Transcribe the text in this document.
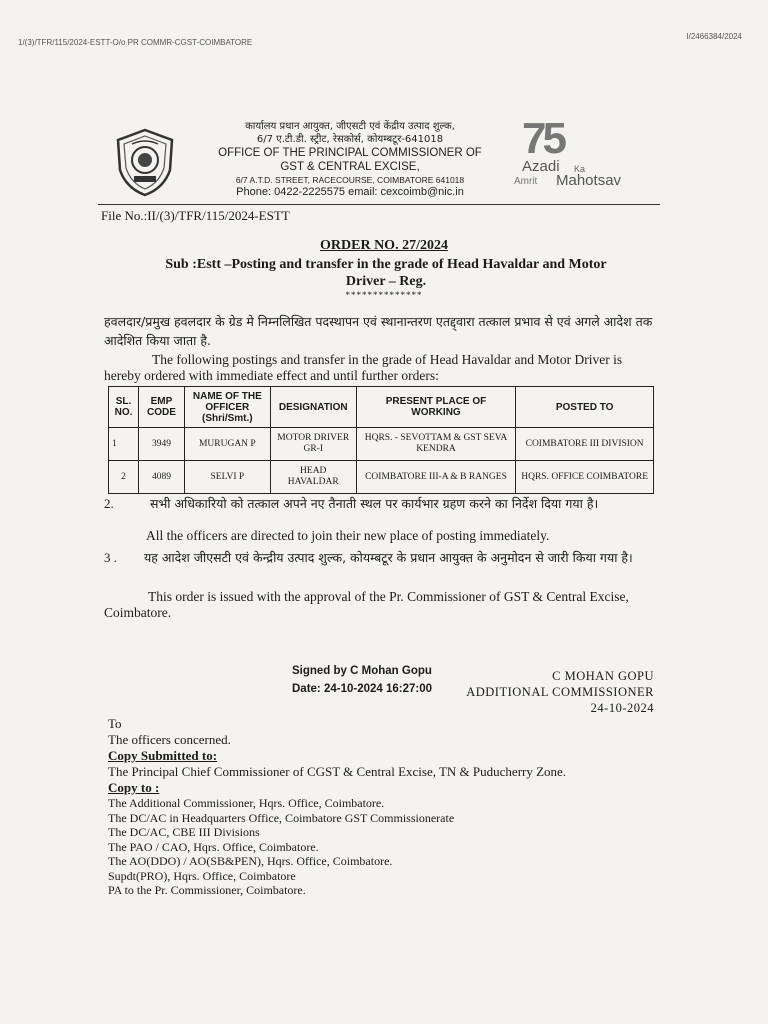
1/(3)/TFR/115/2024-ESTT-O/o PR COMMR-CGST-COIMBATORE
I/2466384/2024
कार्यालय प्रधान आयुक्त, जीएसटी एवं केंद्रीय उत्पाद शुल्क,
6/7 ए.टी.डी. स्ट्रीट, रेसकोर्स, कोयम्बटूर-641018
OFFICE OF THE PRINCIPAL COMMISSIONER OF
GST & CENTRAL EXCISE,
6/7 A.T.D. STREET, RACECOURSE, COIMBATORE 641018
Phone: 0422-2225575 email: cexcoimb@nic.in
75
Azadi Ka
Amrit Mahotsav
File No.:II/(3)/TFR/115/2024-ESTT
ORDER NO. 27/2024
Sub :Estt –Posting and transfer in the grade of Head Havaldar and Motor
Driver – Reg.
**************
हवलदार/प्रमुख हवलदार के ग्रेड मे निम्नलिखित पदस्थापन एवं स्थानान्तरण एतद्द्वारा तत्काल प्रभाव से एवं अगले आदेश तक आदेशित किया जाता है.
The following postings and transfer in the grade of Head Havaldar and Motor Driver is hereby ordered with immediate effect and until further orders:
SL. NO.	EMP CODE	NAME OF THE OFFICER (Shri/Smt.)	DESIGNATION	PRESENT PLACE OF WORKING	POSTED TO
1	3949	MURUGAN P	MOTOR DRIVER GR-I	HQRS. - SEVOTTAM & GST SEVA KENDRA	COIMBATORE III DIVISION
2	4089	SELVI P	HEAD HAVALDAR	COIMBATORE III-A & B RANGES	HQRS. OFFICE COIMBATORE
2.	सभी अधिकारियो को तत्काल अपने नए तैनाती स्थल पर कार्यभार ग्रहण करने का निर्देश दिया गया है।
All the officers are directed to join their new place of posting immediately.
3 . यह आदेश जीएसटी एवं केन्द्रीय उत्पाद शुल्क, कोयम्बटूर के प्रधान आयुक्त के अनुमोदन से जारी किया गया है।
This order is issued with the approval of the Pr. Commissioner of GST & Central Excise, Coimbatore.
Signed by C Mohan Gopu
Date: 24-10-2024 16:27:00
C MOHAN GOPU
ADDITIONAL COMMISSIONER
24-10-2024
To
The officers concerned.
Copy Submitted to:
The Principal Chief Commissioner of CGST & Central Excise, TN & Puducherry Zone.
Copy to :
The Additional Commissioner, Hqrs. Office, Coimbatore.
The DC/AC in Headquarters Office, Coimbatore GST Commissionerate
The DC/AC, CBE III Divisions
The PAO / CAO, Hqrs. Office, Coimbatore.
The AO(DDO) / AO(SB&PEN), Hqrs. Office, Coimbatore.
Supdt(PRO), Hqrs. Office, Coimbatore
PA to the Pr. Commissioner, Coimbatore.
